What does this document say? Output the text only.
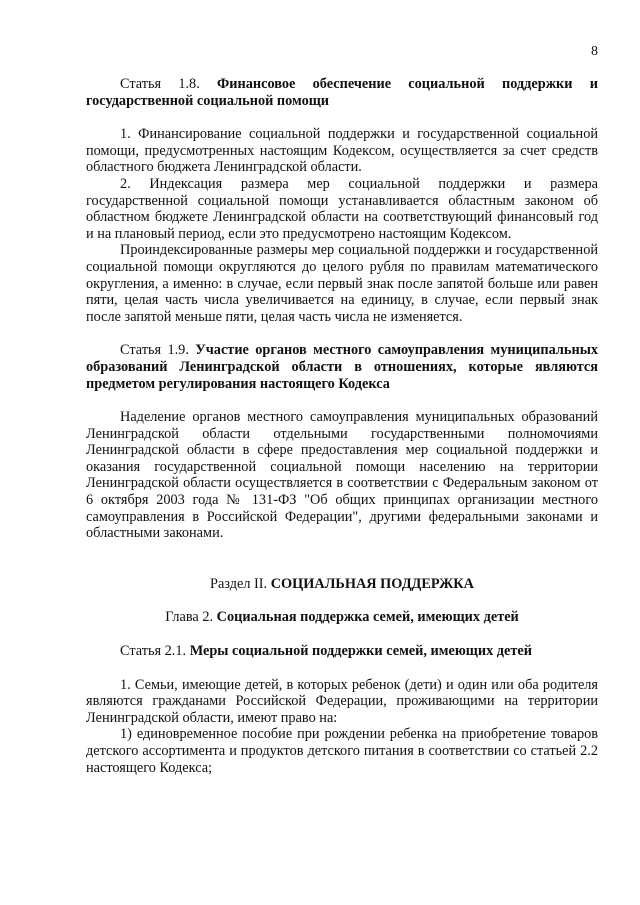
8

Статья 1.8. Финансовое обеспечение социальной поддержки и государственной социальной помощи

1. Финансирование социальной поддержки и государственной социальной помощи, предусмотренных настоящим Кодексом, осуществляется за счет средств областного бюджета Ленинградской области.

2. Индексация размера мер социальной поддержки и размера государственной социальной помощи устанавливается областным законом об областном бюджете Ленинградской области на соответствующий финансовый год и на плановый период, если это предусмотрено настоящим Кодексом.

Проиндексированные размеры мер социальной поддержки и государственной социальной помощи округляются до целого рубля по правилам математического округления, а именно: в случае, если первый знак после запятой больше или равен пяти, целая часть числа увеличивается на единицу, в случае, если первый знак после запятой меньше пяти, целая часть числа не изменяется.

Статья 1.9. Участие органов местного самоуправления муниципальных образований Ленинградской области в отношениях, которые являются предметом регулирования настоящего Кодекса

Наделение органов местного самоуправления муниципальных образований Ленинградской области отдельными государственными полномочиями Ленинградской области в сфере предоставления мер социальной поддержки и оказания государственной социальной помощи населению на территории Ленинградской области осуществляется в соответствии с Федеральным законом от 6 октября 2003 года № 131-ФЗ "Об общих принципах организации местного самоуправления в Российской Федерации", другими федеральными законами и областными законами.

Раздел II. СОЦИАЛЬНАЯ ПОДДЕРЖКА

Глава 2. Социальная поддержка семей, имеющих детей

Статья 2.1. Меры социальной поддержки семей, имеющих детей

1. Семьи, имеющие детей, в которых ребенок (дети) и один или оба родителя являются гражданами Российской Федерации, проживающими на территории Ленинградской области, имеют право на:

1) единовременное пособие при рождении ребенка на приобретение товаров детского ассортимента и продуктов детского питания в соответствии со статьей 2.2 настоящего Кодекса;
